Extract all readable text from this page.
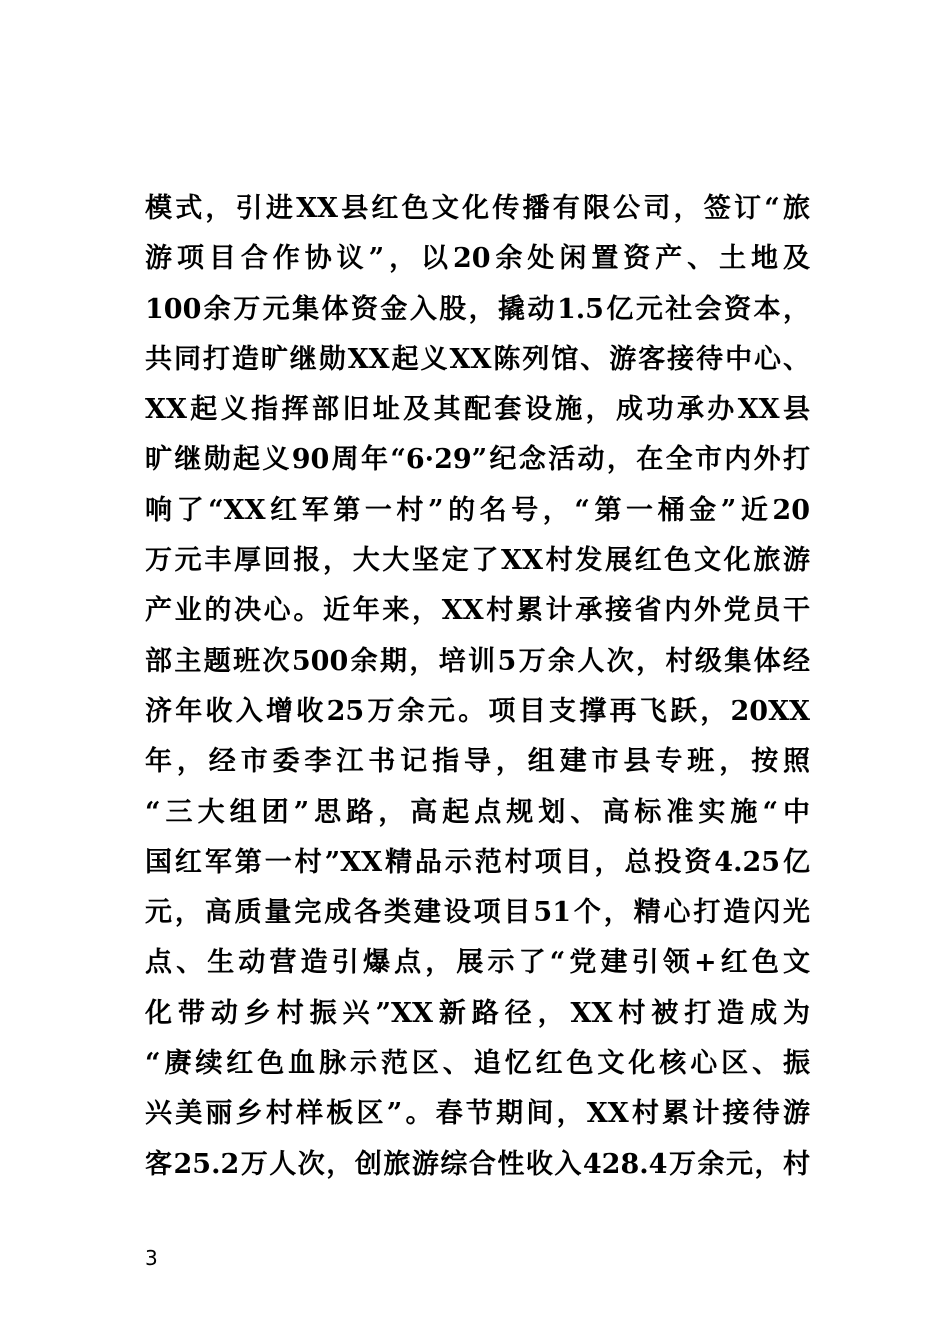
模式，引进XX县红色文化传播有限公司，签订“旅
游项目合作协议”，以20余处闲置资产、土地及
100余万元集体资金入股，撬动1.5亿元社会资本，
共同打造旷继勋XX起义XX陈列馆、游客接待中心、
XX起义指挥部旧址及其配套设施，成功承办XX县
旷继勋起义90周年“6·29”纪念活动，在全市内外打
响了“XX红军第一村”的名号，“第一桶金”近20
万元丰厚回报，大大坚定了XX村发展红色文化旅游
产业的决心。近年来，XX村累计承接省内外党员干
部主题班次500余期，培训5万余人次，村级集体经
济年收入增收25万余元。项目支撑再飞跃，20XX
年，经市委李江书记指导，组建市县专班，按照
“三大组团”思路，高起点规划、高标准实施“中
国红军第一村”XX精品示范村项目，总投资4.25亿
元，高质量完成各类建设项目51个，精心打造闪光
点、生动营造引爆点，展示了“党建引领+红色文
化带动乡村振兴”XX新路径，XX村被打造成为
“赓续红色血脉示范区、追忆红色文化核心区、振
兴美丽乡村样板区”。春节期间，XX村累计接待游
客25.2万人次，创旅游综合性收入428.4万余元，村
3
